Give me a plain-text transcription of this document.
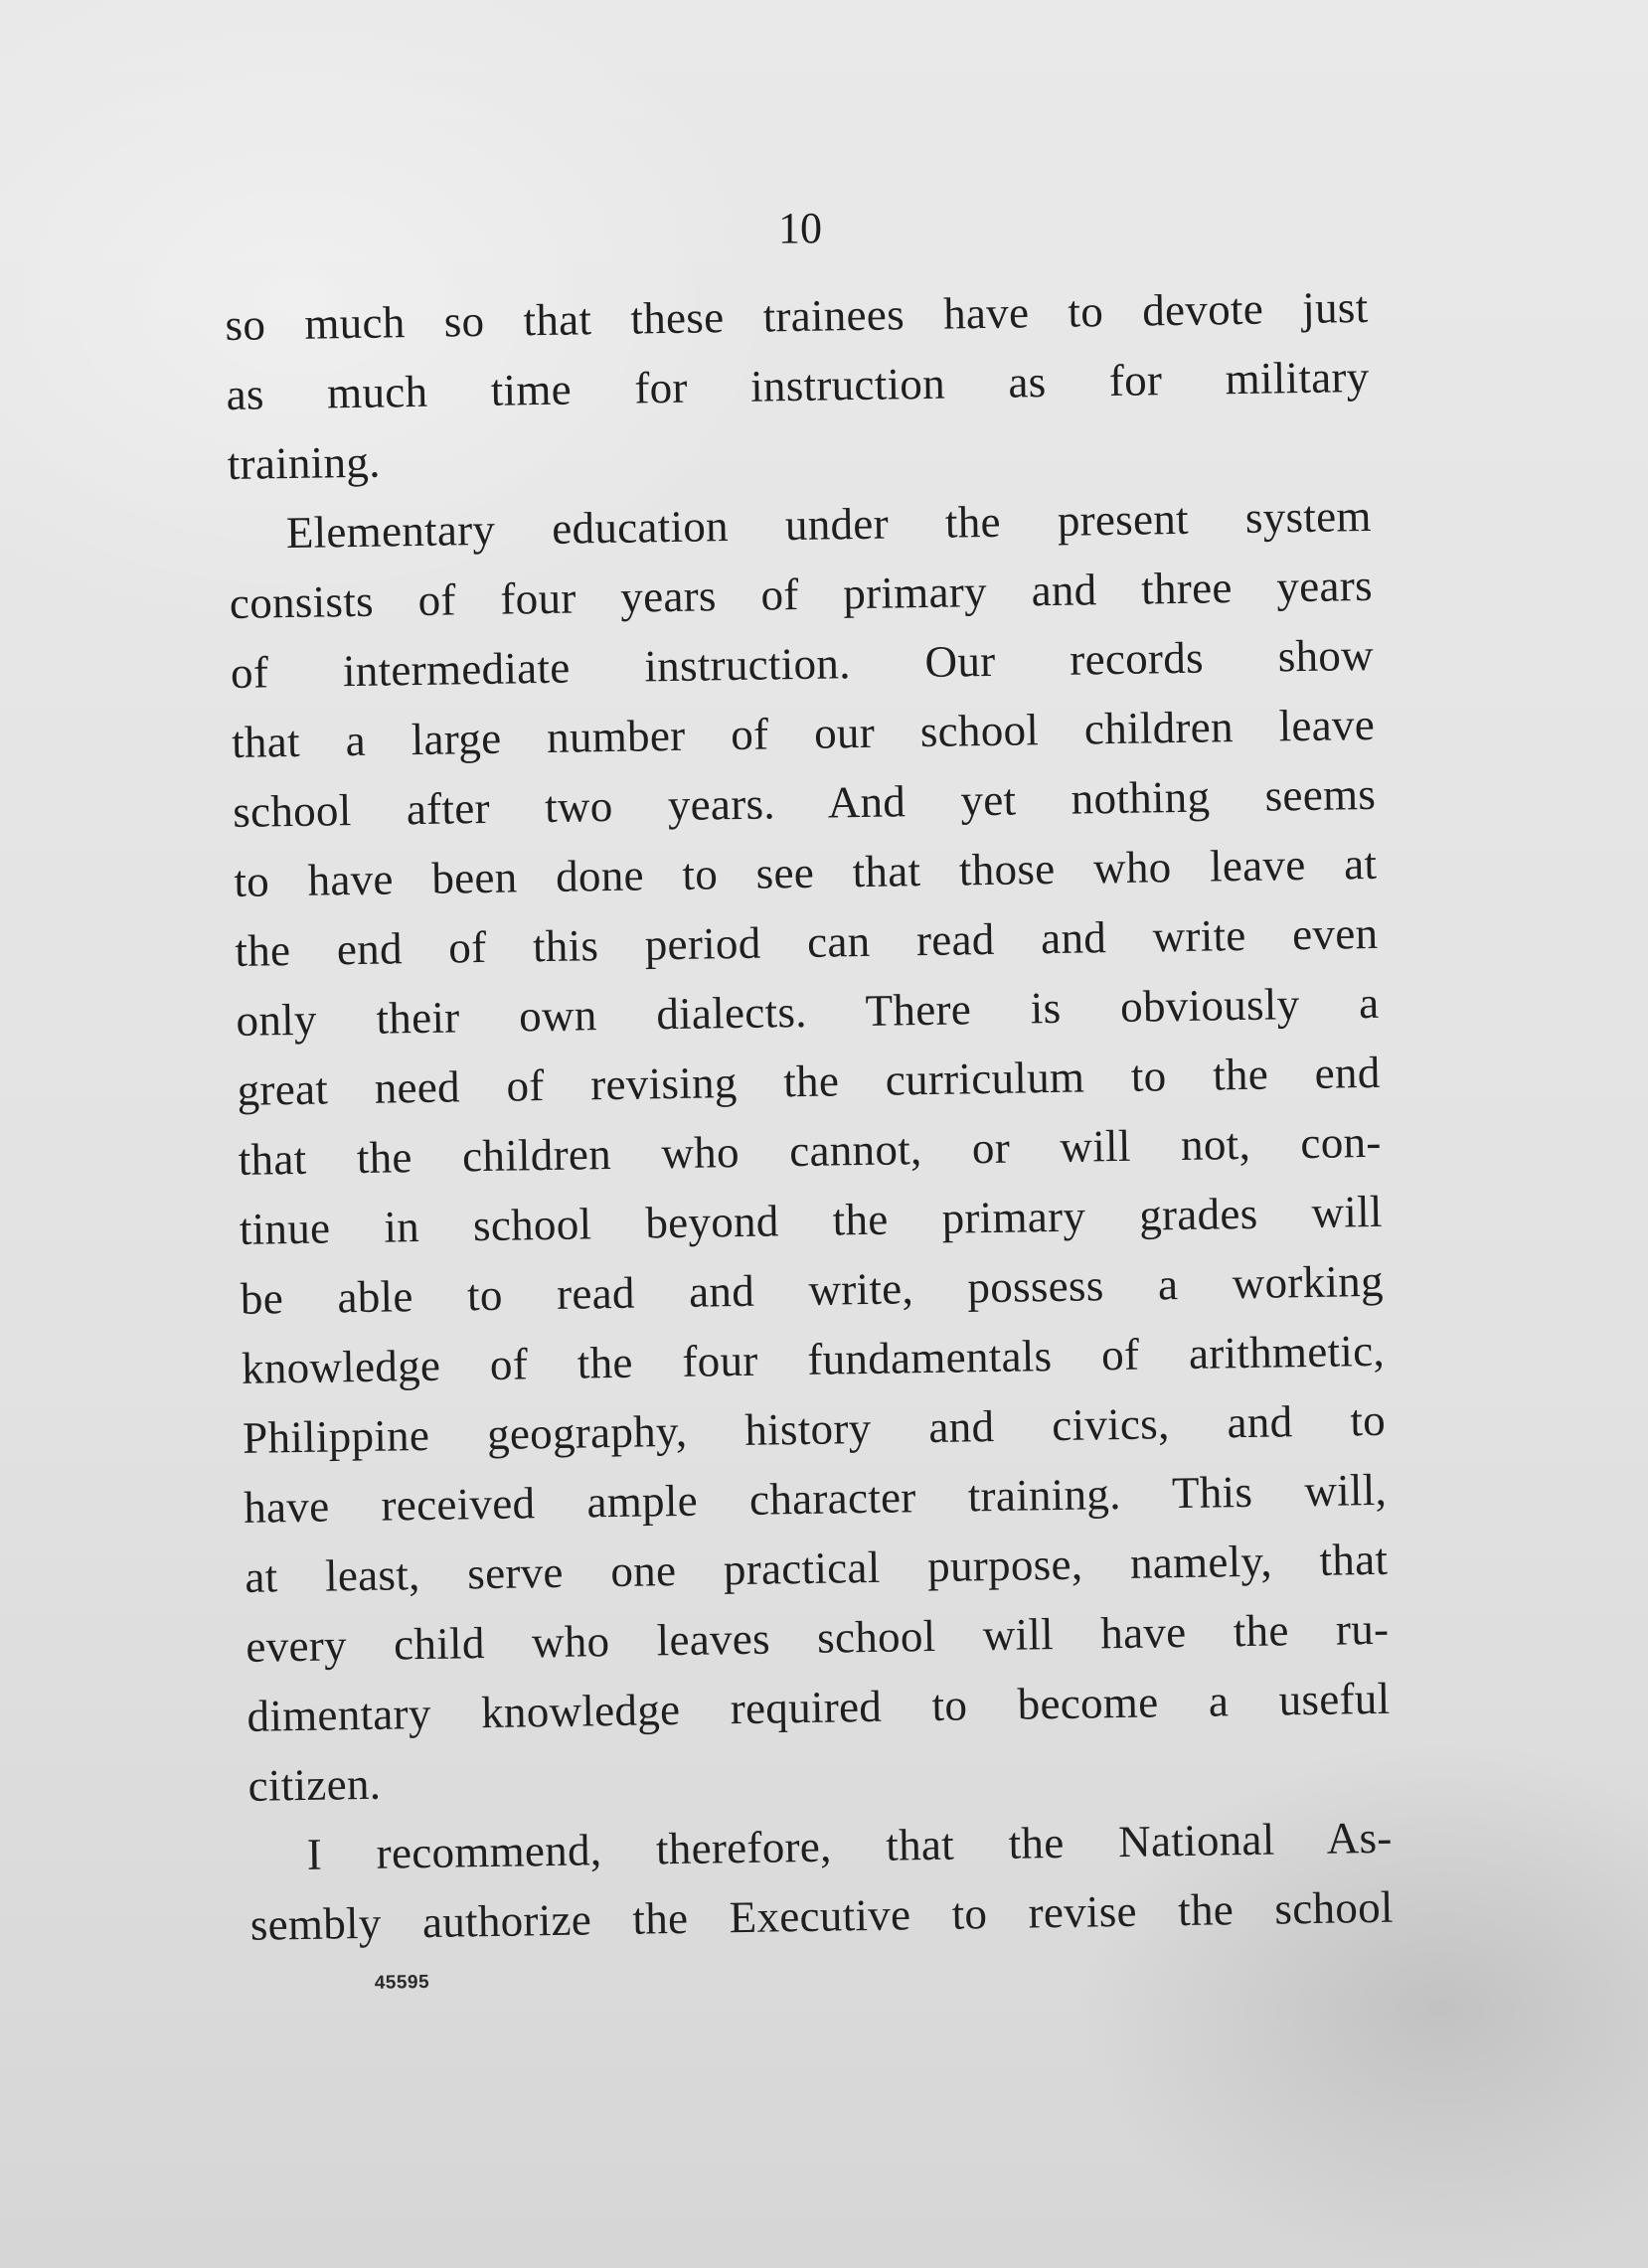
10

so much so that these trainees have to devote just
as much time for instruction as for military
training.

Elementary education under the present system
consists of four years of primary and three years
of intermediate instruction. Our records show
that a large number of our school children leave
school after two years. And yet nothing seems
to have been done to see that those who leave at
the end of this period can read and write even
only their own dialects. There is obviously a
great need of revising the curriculum to the end
that the children who cannot, or will not, con-
tinue in school beyond the primary grades will
be able to read and write, possess a working
knowledge of the four fundamentals of arithmetic,
Philippine geography, history and civics, and to
have received ample character training. This will,
at least, serve one practical purpose, namely, that
every child who leaves school will have the ru-
dimentary knowledge required to become a useful
citizen.

I recommend, therefore, that the National As-
sembly authorize the Executive to revise the school

45595
